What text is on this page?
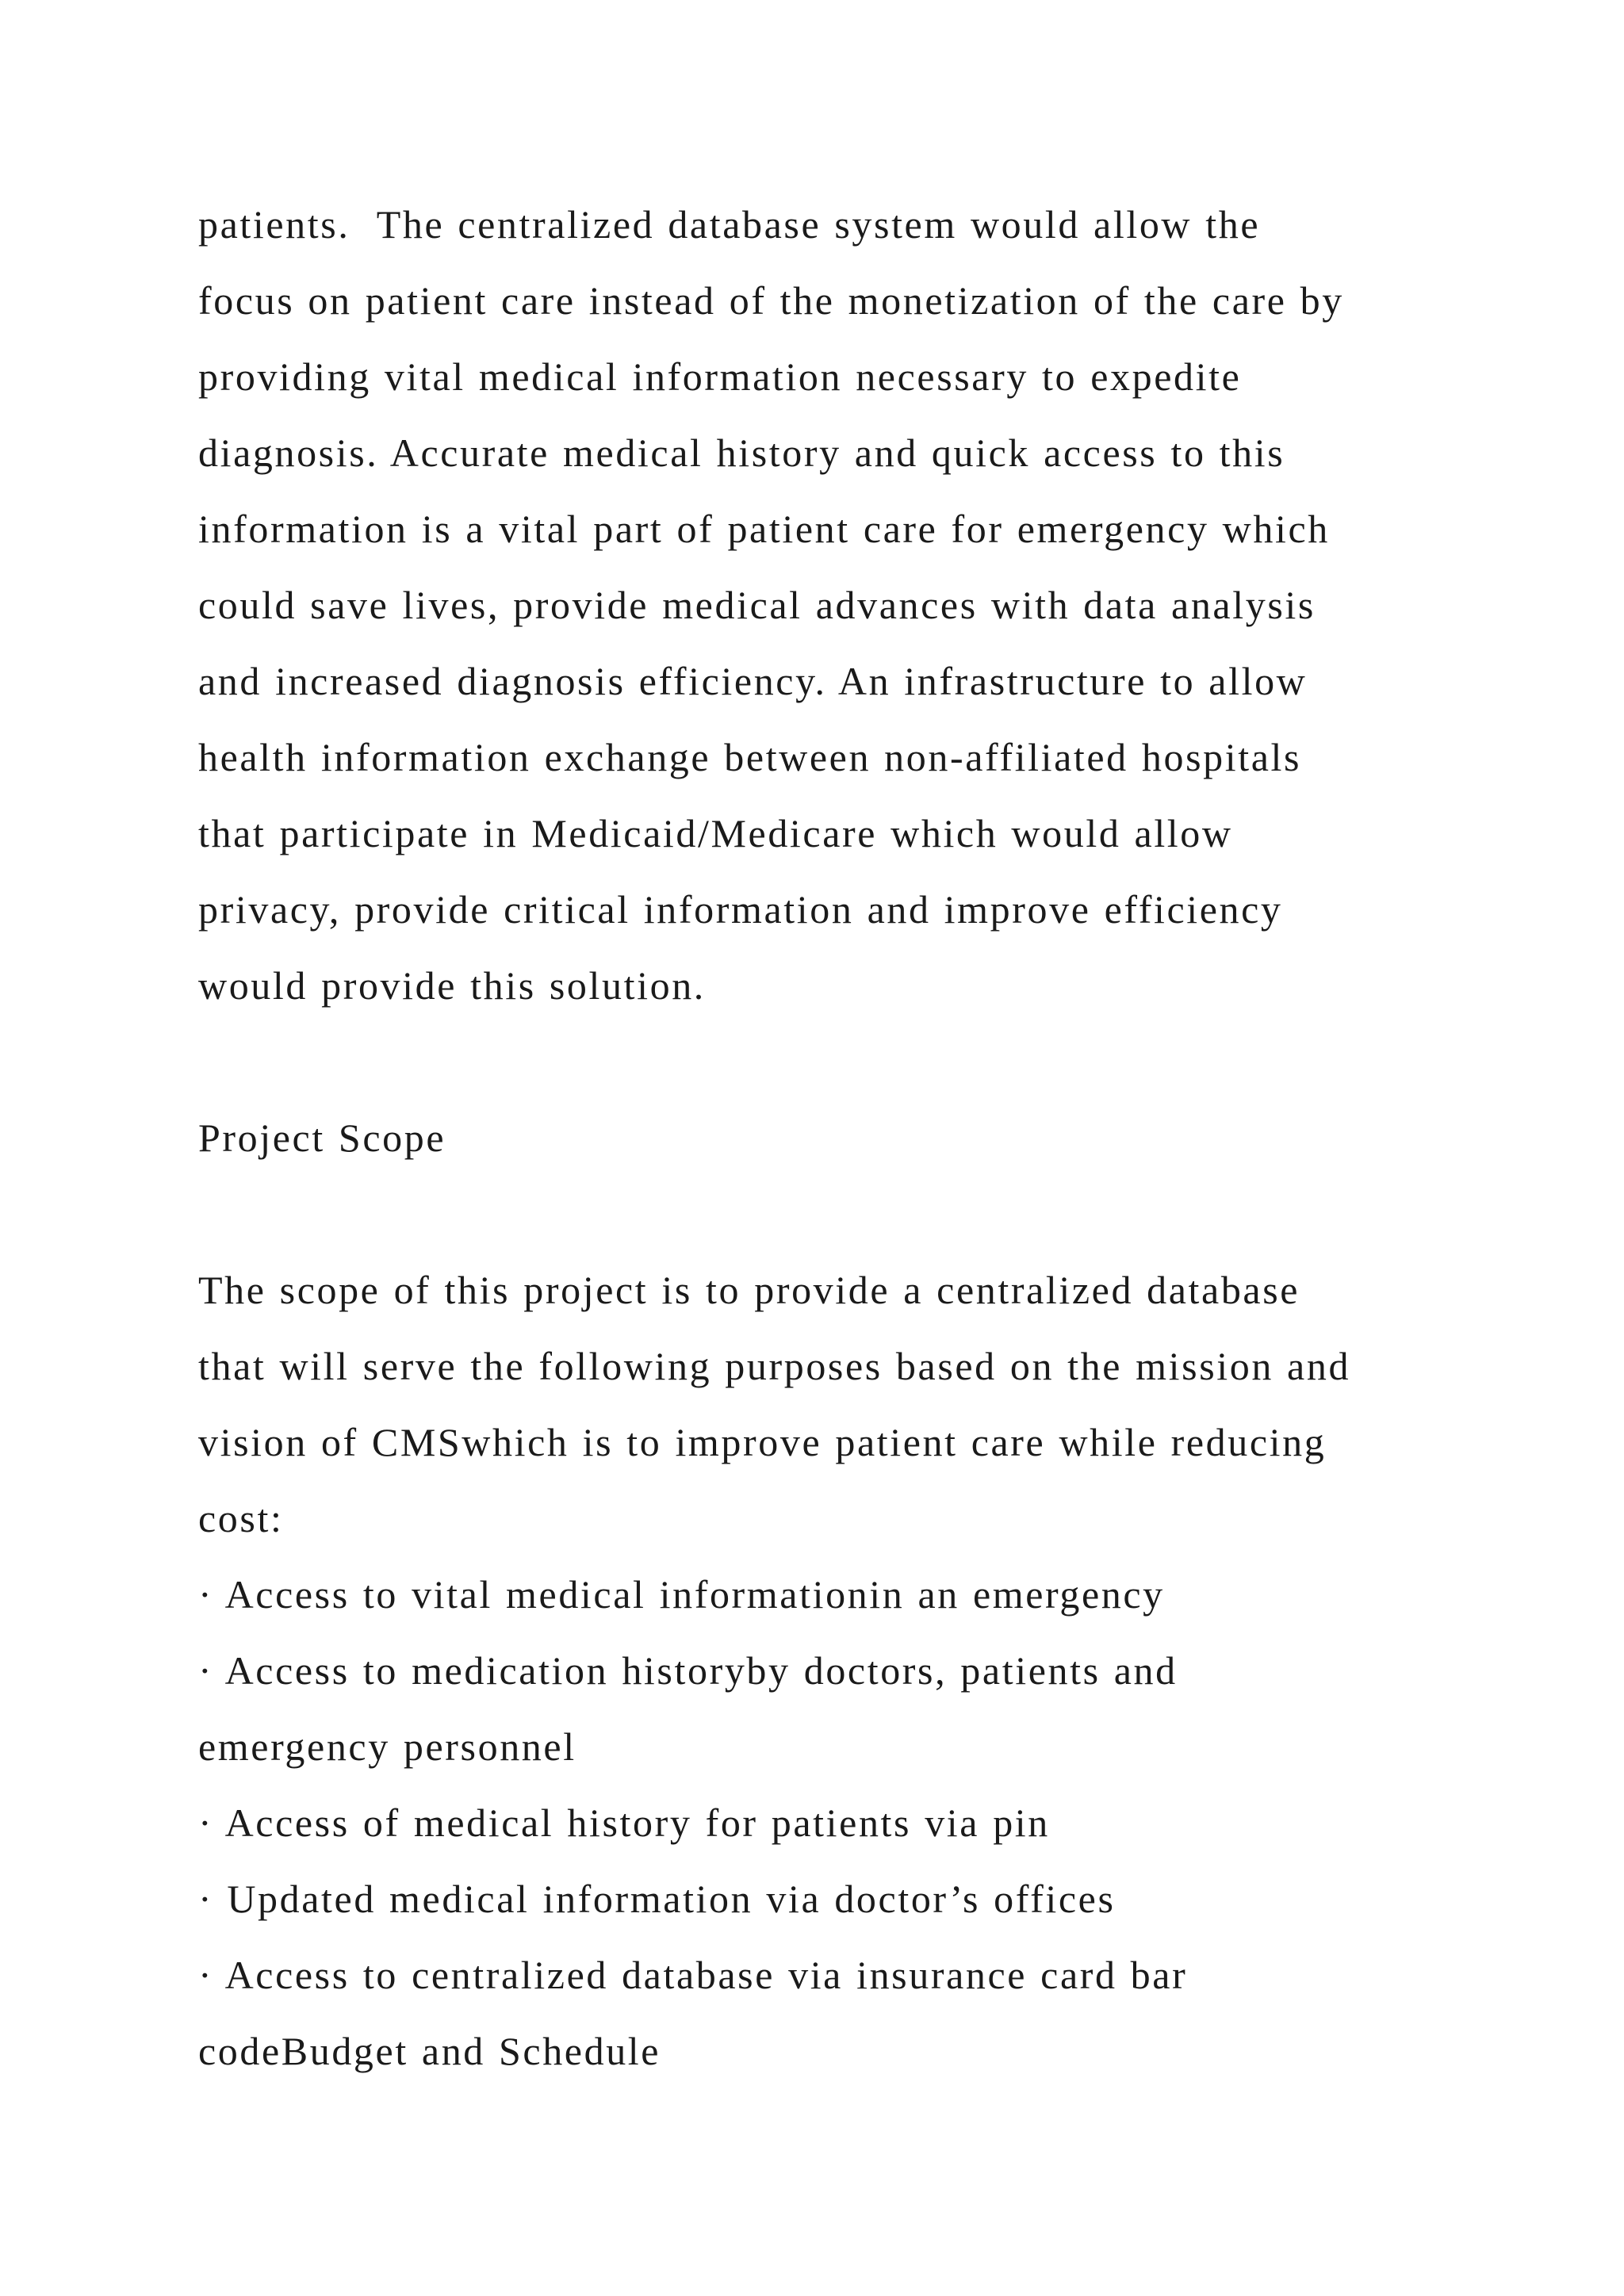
patients.  The centralized database system would allow the
focus on patient care instead of the monetization of the care by
providing vital medical information necessary to expedite
diagnosis. Accurate medical history and quick access to this
information is a vital part of patient care for emergency which
could save lives, provide medical advances with data analysis
and increased diagnosis efficiency. An infrastructure to allow
health information exchange between non-affiliated hospitals
that participate in Medicaid/Medicare which would allow
privacy, provide critical information and improve efficiency
would provide this solution.
Project Scope
The scope of this project is to provide a centralized database
that will serve the following purposes based on the mission and
vision of CMSwhich is to improve patient care while reducing
cost:
· Access to vital medical informationin an emergency
· Access to medication historyby doctors, patients and
emergency personnel
· Access of medical history for patients via pin
· Updated medical information via doctor’s offices
· Access to centralized database via insurance card bar
codeBudget and Schedule
